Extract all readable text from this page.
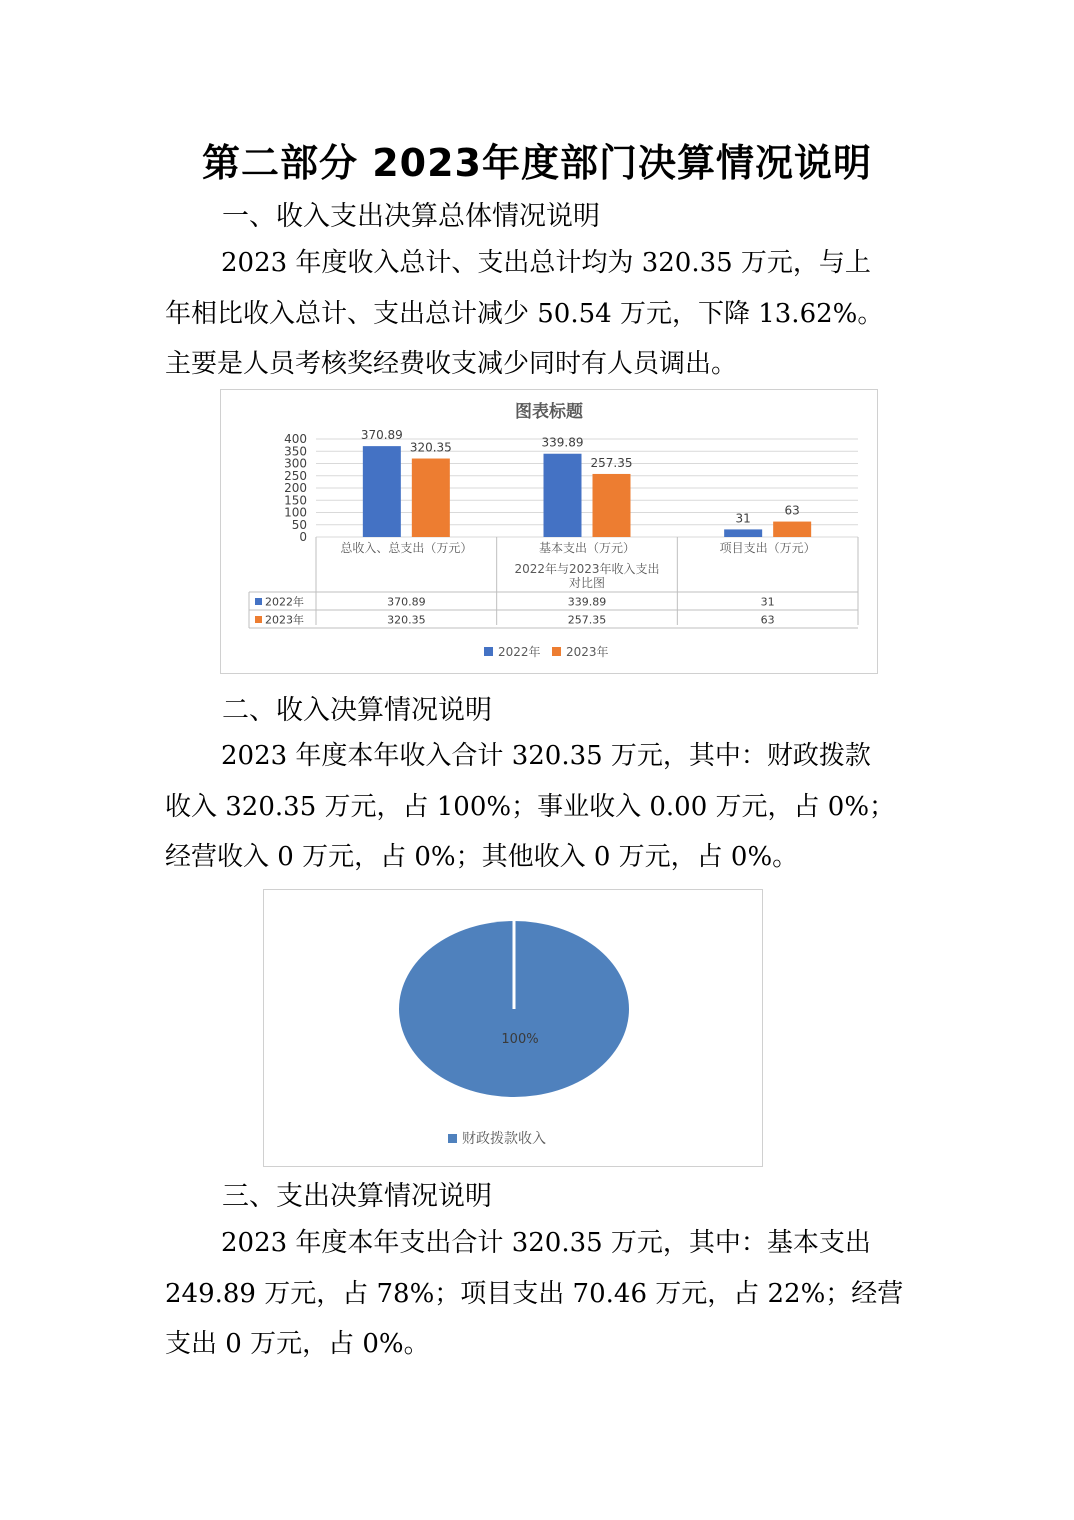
第二部分 2023年度部门决算情况说明
一、收入支出决算总体情况说明

2023 年度收入总计、支出总计均为 320.35 万元，与上

年相比收入总计、支出总计减少 50.54 万元，下降 13.62%。

主要是人员考核奖经费收支减少同时有人员调出。

图表标题
0
50
100
150
200
250
300
350
400	370.89
320.35	339.89
257.35
31
63
总收入、总支出（万元）	基本支出（万元）	项目支出（万元）
2022年与2023年收入支出
对比图
2022年	370.89	339.89	31
2023年	320.35	257.35	63
2022年 2023年
二、收入决算情况说明

2023 年度本年收入合计 320.35 万元，其中：财政拨款

收入 320.35 万元，占 100%；事业收入 0.00 万元，占 0%；

经营收入 0 万元，占 0%；其他收入 0 万元，占 0%。

100%
财政拨款收入
三、支出决算情况说明

2023 年度本年支出合计 320.35 万元，其中：基本支出

249.89 万元，占 78%；项目支出 70.46 万元，占 22%；经营

支出 0 万元，占 0%。
